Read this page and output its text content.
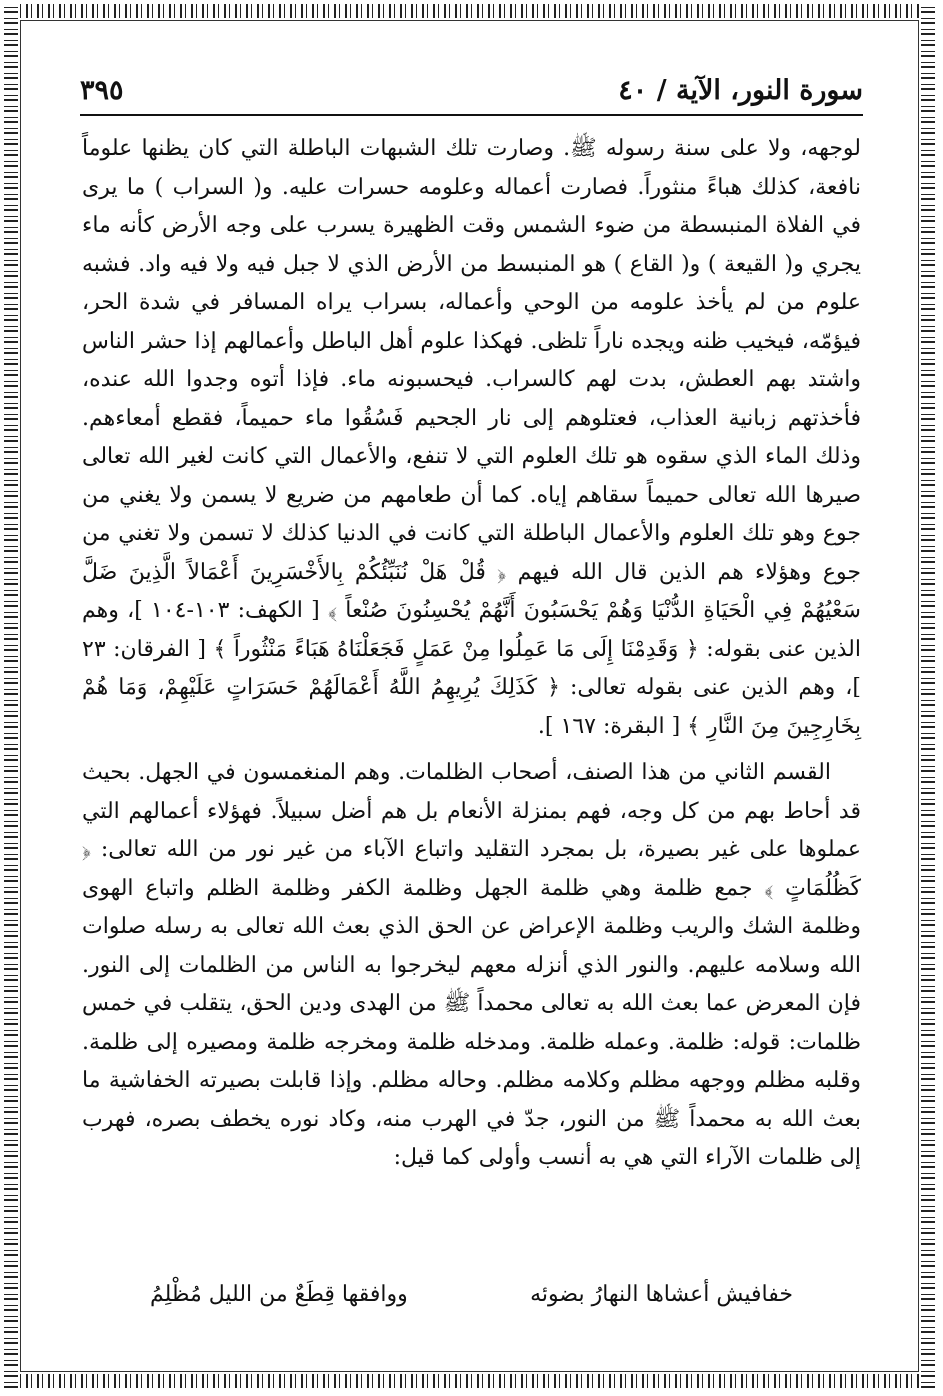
سورة النور، الآية / ٤٠
٣٩٥

لوجهه، ولا على سنة رسوله ﷺ. وصارت تلك الشبهات الباطلة التي كان يظنها علوماً نافعة، كذلك هباءً منثوراً. فصارت أعماله وعلومه حسرات عليه. و( السراب ) ما يرى في الفلاة المنبسطة من ضوء الشمس وقت الظهيرة يسرب على وجه الأرض كأنه ماء يجري و( القيعة ) و( القاع ) هو المنبسط من الأرض الذي لا جبل فيه ولا فيه واد. فشبه علوم من لم يأخذ علومه من الوحي وأعماله، بسراب يراه المسافر في شدة الحر، فيؤمّه، فيخيب ظنه ويجده ناراً تلظى. فهكذا علوم أهل الباطل وأعمالهم إذا حشر الناس واشتد بهم العطش، بدت لهم كالسراب. فيحسبونه ماء. فإذا أتوه وجدوا الله عنده، فأخذتهم زبانية العذاب، فعتلوهم إلى نار الجحيم فَسُقُوا ماء حميماً، فقطع أمعاءهم. وذلك الماء الذي سقوه هو تلك العلوم التي لا تنفع، والأعمال التي كانت لغير الله تعالى صيرها الله تعالى حميماً سقاهم إياه. كما أن طعامهم من ضريع لا يسمن ولا يغني من جوع وهو تلك العلوم والأعمال الباطلة التي كانت في الدنيا كذلك لا تسمن ولا تغني من جوع وهؤلاء هم الذين قال الله فيهم ﴿ قُلْ هَلْ نُنَبِّئُكُمْ بِالأَخْسَرِينَ أَعْمَالاً الَّذِينَ ضَلَّ سَعْيُهُمْ فِي الْحَيَاةِ الدُّنْيَا وَهُمْ يَحْسَبُونَ أَنَّهُمْ يُحْسِنُونَ صُنْعاً ﴾ [ الكهف: ١٠٣-١٠٤ ]، وهم الذين عنى بقوله: ﴿ وَقَدِمْنَا إِلَى مَا عَمِلُوا مِنْ عَمَلٍ فَجَعَلْنَاهُ هَبَاءً مَنْثُوراً ﴾ [ الفرقان: ٢٣ ]، وهم الذين عنى بقوله تعالى: ﴿ كَذَلِكَ يُرِيهِمُ اللَّهُ أَعْمَالَهُمْ حَسَرَاتٍ عَلَيْهِمْ، وَمَا هُمْ بِخَارِجِينَ مِنَ النَّارِ ﴾ [ البقرة: ١٦٧ ].

القسم الثاني من هذا الصنف، أصحاب الظلمات. وهم المنغمسون في الجهل. بحيث قد أحاط بهم من كل وجه، فهم بمنزلة الأنعام بل هم أضل سبيلاً. فهؤلاء أعمالهم التي عملوها على غير بصيرة، بل بمجرد التقليد واتباع الآباء من غير نور من الله تعالى: ﴿ كَظُلُمَاتٍ ﴾ جمع ظلمة وهي ظلمة الجهل وظلمة الكفر وظلمة الظلم واتباع الهوى وظلمة الشك والريب وظلمة الإعراض عن الحق الذي بعث الله تعالى به رسله صلوات الله وسلامه عليهم. والنور الذي أنزله معهم ليخرجوا به الناس من الظلمات إلى النور. فإن المعرض عما بعث الله به تعالى محمداً ﷺ من الهدى ودين الحق، يتقلب في خمس ظلمات: قوله: ظلمة. وعمله ظلمة. ومدخله ظلمة ومخرجه ظلمة ومصيره إلى ظلمة. وقلبه مظلم ووجهه مظلم وكلامه مظلم. وحاله مظلم. وإذا قابلت بصيرته الخفاشية ما بعث الله به محمداً ﷺ من النور، جدّ في الهرب منه، وكاد نوره يخطف بصره، فهرب إلى ظلمات الآراء التي هي به أنسب وأولى كما قيل:

خفافيش أعشاها النهارُ بضوئه
ووافقها قِطَعٌ من الليل مُظْلِمُ
